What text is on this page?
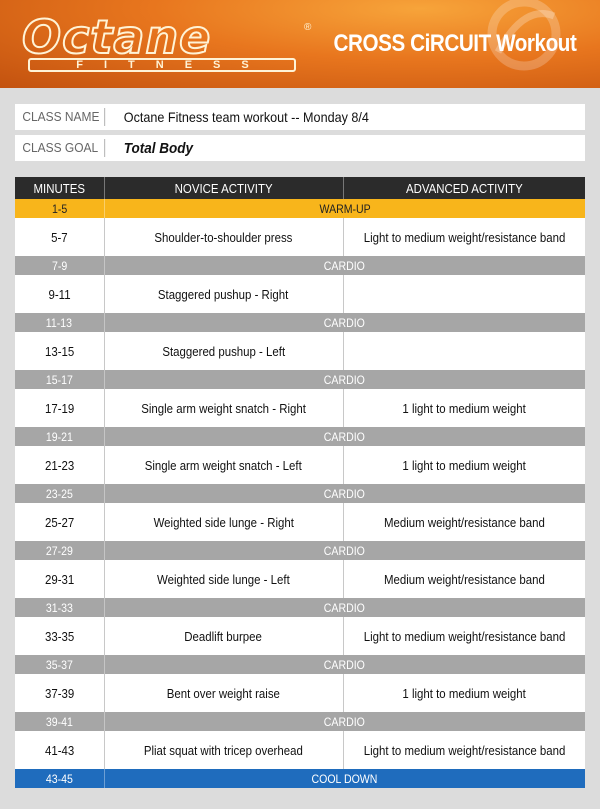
Octane	®
FITNESS
CROSS CiRCUIT Workout
CLASS NAME	Octane Fitness team workout -- Monday 8/4
CLASS GOAL	Total Body
MINUTES	NOVICE ACTIVITY	ADVANCED ACTIVITY
1-5	WARM-UP	
5-7	Shoulder-to-shoulder press	Light to medium weight/resistance band
7-9	CARDIO	
9-11	Staggered pushup - Right	
11-13	CARDIO	
13-15	Staggered pushup - Left	
15-17	CARDIO	
17-19	Single arm weight snatch - Right	1 light to medium weight
19-21	CARDIO	
21-23	Single arm weight snatch - Left	1 light to medium weight
23-25	CARDIO	
25-27	Weighted side lunge - Right	Medium weight/resistance band
27-29	CARDIO	
29-31	Weighted side lunge - Left	Medium weight/resistance band
31-33	CARDIO	
33-35	Deadlift burpee	Light to medium weight/resistance band
35-37	CARDIO	
37-39	Bent over weight raise	1 light to medium weight
39-41	CARDIO	
41-43	Pliat squat with tricep overhead	Light to medium weight/resistance band
43-45	COOL DOWN	
